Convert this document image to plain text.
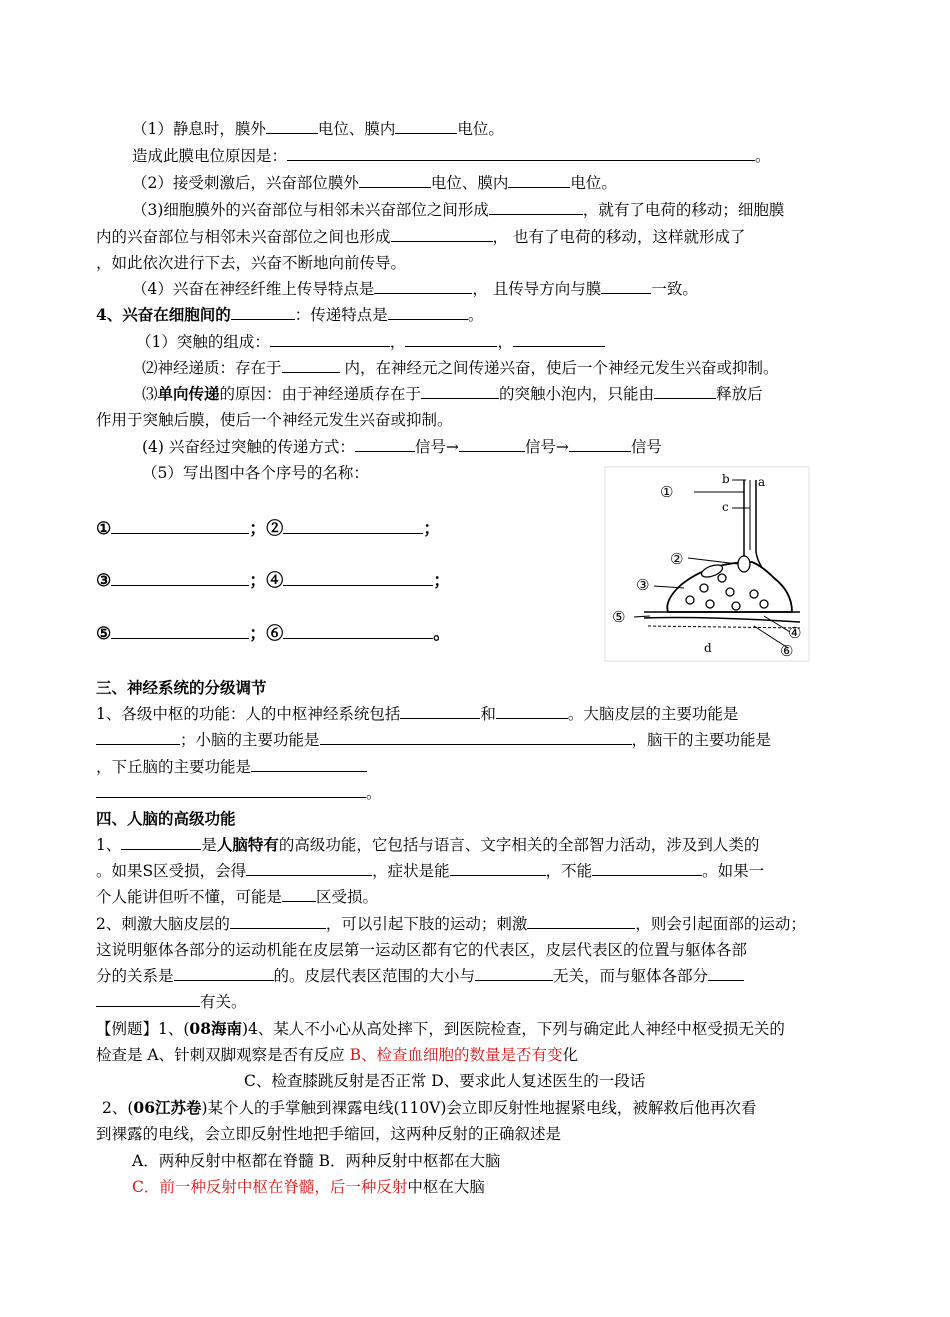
（1）静息时，膜外	电位、膜内	电位。
造成此膜电位原因是：	。
（2）接受刺激后，兴奋部位膜外	电位、膜内	电位。
（3)细胞膜外的兴奋部位与相邻未兴奋部位之间形成	，就有了电荷的移动；细胞膜
内的兴奋部位与相邻未兴奋部位之间也形成	， 也有了电荷的移动，这样就形成了
，如此依次进行下去，兴奋不断地向前传导。
（4）兴奋在神经纤维上传导特点是	， 且传导方向与膜	一致。
4、兴奋在细胞间的	：传递特点是	。
（1）突触的组成：	，	，
⑵神经递质：存在于	内，在神经元之间传递兴奋，使后一个神经元发生兴奋或抑制。
⑶单向传递的原因：由于神经递质存在于	的突触小泡内，只能由	释放后
作用于突触后膜，使后一个神经元发生兴奋或抑制。
(4) 兴奋经过突触的传递方式：	信号→	信号→	信号
（5）写出图中各个序号的名称：
①	；②	；
③	；④	；
⑤	；⑥	。
①
②
③
⑤
④
⑥
b a
c
d
三、神经系统的分级调节
1、各级中枢的功能：人的中枢神经系统包括	和	。大脑皮层的主要功能是
；小脑的主要功能是	，脑干的主要功能是
，下丘脑的主要功能是
。
四、人脑的高级功能
1、	是人脑特有的高级功能，它包括与语言、文字相关的全部智力活动，涉及到人类的
。如果S区受损，会得	，症状是能	，不能	。如果一
个人能讲但听不懂，可能是 区受损。
2、刺激大脑皮层的	，可以引起下肢的运动；刺激	，则会引起面部的运动；
这说明躯体各部分的运动机能在皮层第一运动区都有它的代表区，皮层代表区的位置与躯体各部
分的关系是	的。皮层代表区范围的大小与	无关，而与躯体各部分
有关。
【例题】1、(08海南)4、某人不小心从高处摔下，到医院检查，下列与确定此人神经中枢受损无关的
检查是 A、针刺双脚观察是否有反应 B、检查血细胞的数量是否有变化
C、检查膝跳反射是否正常 D、要求此人复述医生的一段话
2、(06江苏卷)某个人的手掌触到裸露电线(110V)会立即反射性地握紧电线，被解救后他再次看
到裸露的电线，会立即反射性地把手缩回，这两种反射的正确叙述是
A．两种反射中枢都在脊髓 B．两种反射中枢都在大脑
C．前一种反射中枢在脊髓，后一种反射中枢在大脑
